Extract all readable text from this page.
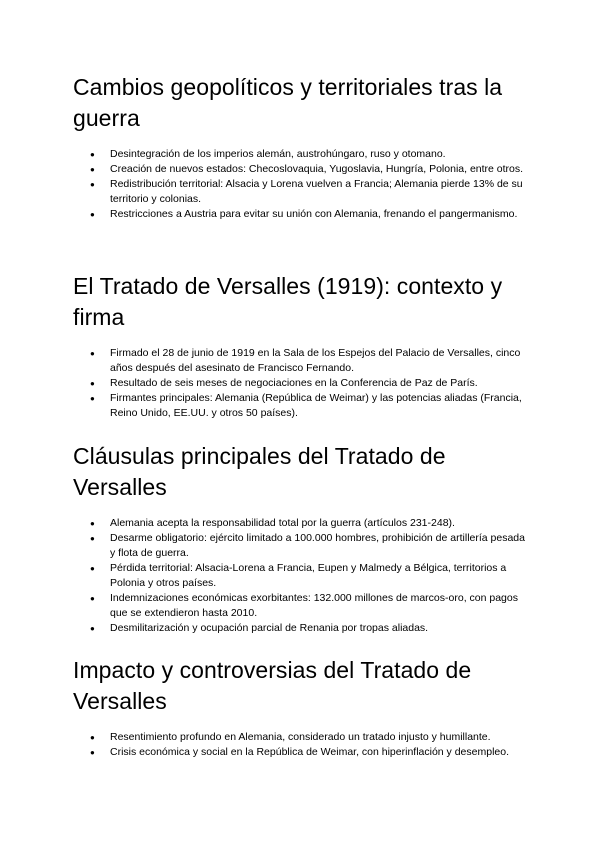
Cambios geopolíticos y territoriales tras la guerra
● Desintegración de los imperios alemán, austrohúngaro, ruso y otomano.
● Creación de nuevos estados: Checoslovaquia, Yugoslavia, Hungría, Polonia, entre otros.
● Redistribución territorial: Alsacia y Lorena vuelven a Francia; Alemania pierde 13% de su territorio y colonias.
● Restricciones a Austria para evitar su unión con Alemania, frenando el pangermanismo.
El Tratado de Versalles (1919): contexto y firma
● Firmado el 28 de junio de 1919 en la Sala de los Espejos del Palacio de Versalles, cinco años después del asesinato de Francisco Fernando.
● Resultado de seis meses de negociaciones en la Conferencia de Paz de París.
● Firmantes principales: Alemania (República de Weimar) y las potencias aliadas (Francia, Reino Unido, EE.UU. y otros 50 países).
Cláusulas principales del Tratado de Versalles
● Alemania acepta la responsabilidad total por la guerra (artículos 231-248).
● Desarme obligatorio: ejército limitado a 100.000 hombres, prohibición de artillería pesada y flota de guerra.
● Pérdida territorial: Alsacia-Lorena a Francia, Eupen y Malmedy a Bélgica, territorios a Polonia y otros países.
● Indemnizaciones económicas exorbitantes: 132.000 millones de marcos-oro, con pagos que se extendieron hasta 2010.
● Desmilitarización y ocupación parcial de Renania por tropas aliadas.
Impacto y controversias del Tratado de Versalles
● Resentimiento profundo en Alemania, considerado un tratado injusto y humillante.
● Crisis económica y social en la República de Weimar, con hiperinflación y desempleo.
